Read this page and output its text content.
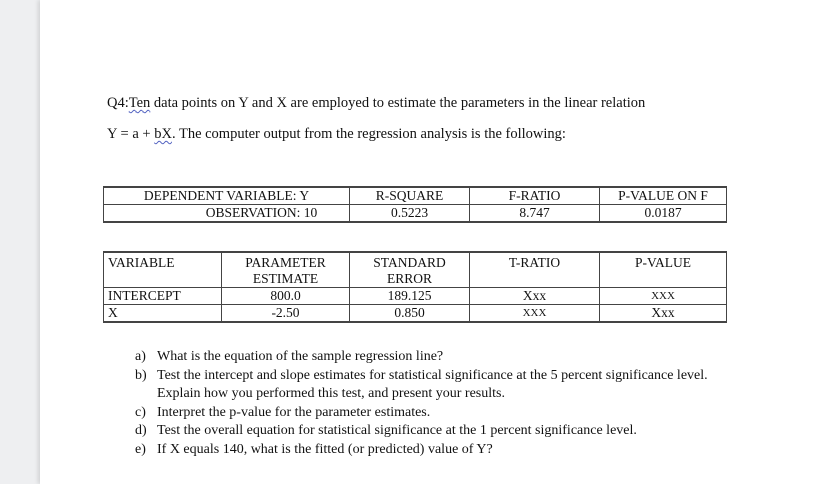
Q4:Ten data points on Y and X are employed to estimate the parameters in the linear relation
Y = a + bX. The computer output from the regression analysis is the following:
DEPENDENT VARIABLE: Y		R-SQUARE	F-RATIO	P-VALUE ON F
OBSERVATION: 10		0.5223	8.747	0.0187

VARIABLE	PARAMETER	STANDARD	T-RATIO	P-VALUE
	ESTIMATE	ERROR		
INTERCEPT	800.0	189.125	Xxx	XXX
X	-2.50	0.850	XXX	Xxx
a) What is the equation of the sample regression line?
b) Test the intercept and slope estimates for statistical significance at the 5 percent significance level. Explain how you performed this test, and present your results.
c) Interpret the p-value for the parameter estimates.
d) Test the overall equation for statistical significance at the 1 percent significance level.
e) If X equals 140, what is the fitted (or predicted) value of Y?
